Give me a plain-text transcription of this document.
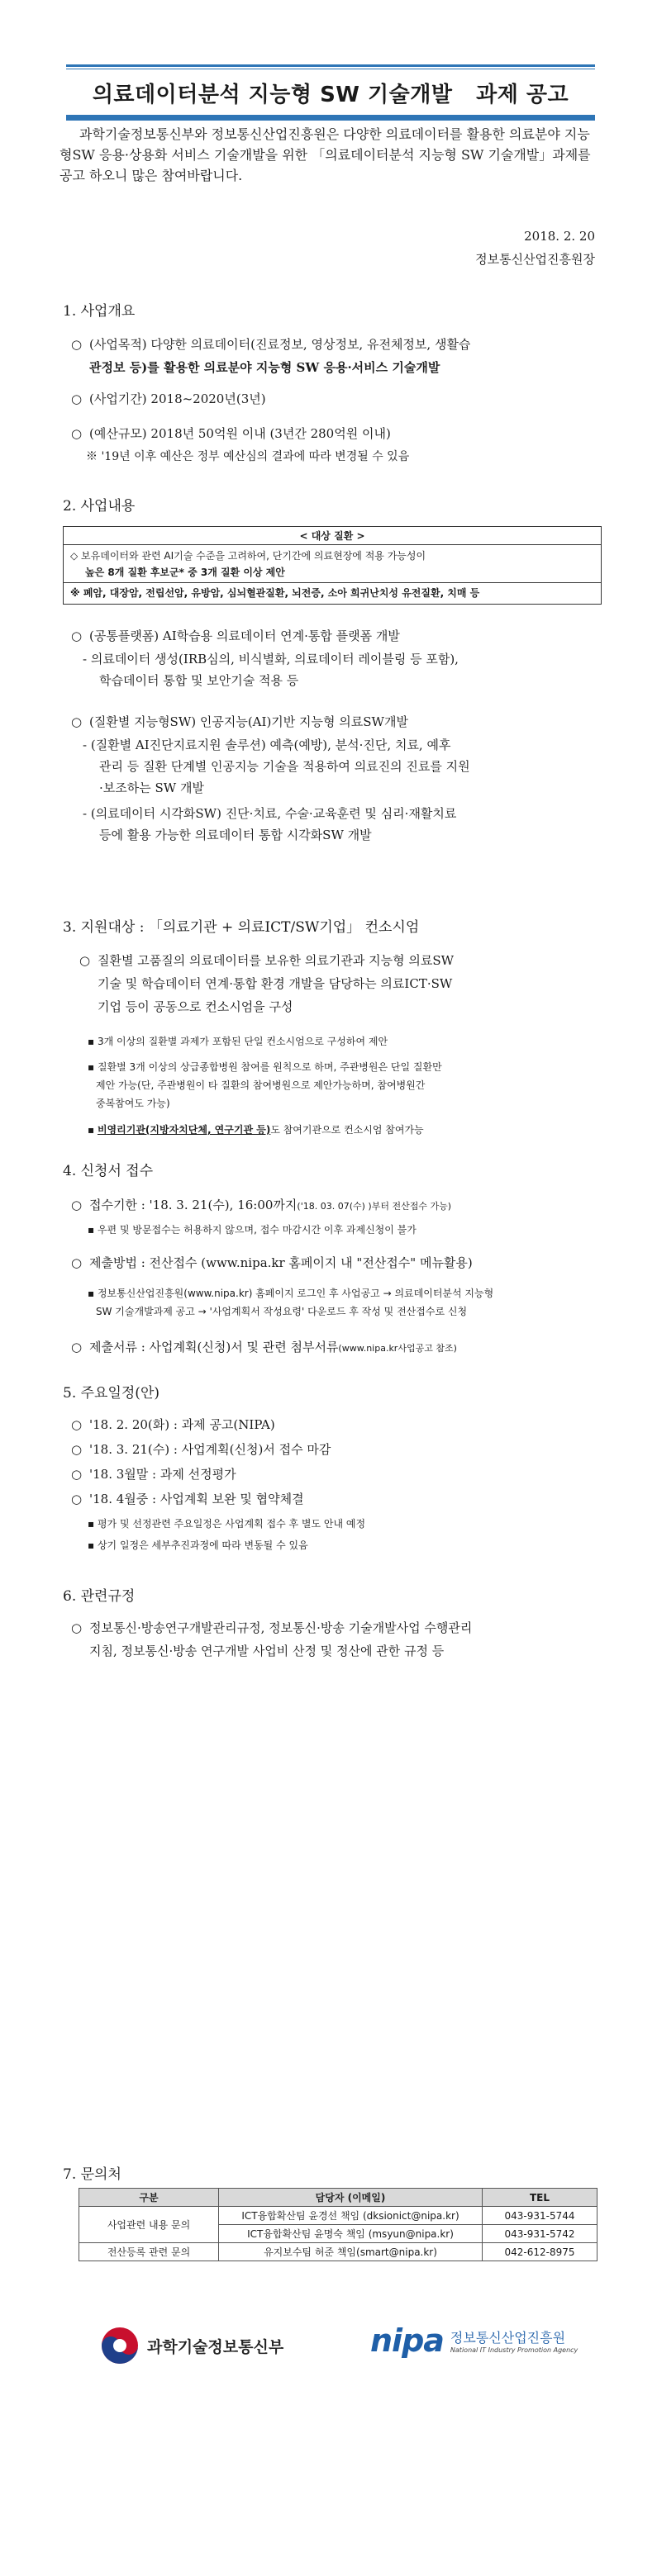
의료데이터분석 지능형 SW 기술개발   과제 공고
과학기술정보통신부와 정보통신산업진흥원은 다양한 의료데이터를 활용한 의료분야 지능형SW 응용·상용화 서비스 기술개발을 위한 「의료데이터분석 지능형 SW 기술개발」과제를 공고 하오니 많은 참여바랍니다.
2018. 2. 20
정보통신산업진흥원장
1. 사업개요
○ (사업목적) 다양한 의료데이터(진료정보, 영상정보, 유전체정보, 생활습
관정보 등)를 활용한 의료분야 지능형 SW 응용·서비스 기술개발
○ (사업기간) 2018~2020년(3년)
○ (예산규모) 2018년 50억원 이내 (3년간 280억원 이내)
※ '19년 이후 예산은 정부 예산심의 결과에 따라 변경될 수 있음
2. 사업내용
< 대상 질환 >
◇ 보유데이터와 관련 AI기술 수준을 고려하여, 단기간에 의료현장에 적용 가능성이
높은 8개 질환 후보군* 중 3개 질환 이상 제안
※ 폐암, 대장암, 전립선암, 유방암, 심뇌혈관질환, 뇌전증, 소아 희귀난치성 유전질환, 치매 등
○ (공통플랫폼) AI학습용 의료데이터 연계·통합 플랫폼 개발
- 의료데이터 생성(IRB심의, 비식별화, 의료데이터 레이블링 등 포함),
학습데이터 통합 및 보안기술 적용 등
○ (질환별 지능형SW) 인공지능(AI)기반 지능형 의료SW개발
- (질환별 AI진단지료지원 솔루션) 예측(예방), 분석·진단, 치료, 예후
관리 등 질환 단계별 인공지능 기술을 적용하여 의료진의 진료를 지원
·보조하는 SW 개발
- (의료데이터 시각화SW) 진단·치료, 수술·교육훈련 및 심리·재활치료
등에 활용 가능한 의료데이터 통합 시각화SW 개발
3. 지원대상 : 「의료기관 + 의료ICT/SW기업」 컨소시엄
○ 질환별 고품질의 의료데이터를 보유한 의료기관과 지능형 의료SW
기술 및 학습데이터 연계·통합 환경 개발을 담당하는 의료ICT·SW
기업 등이 공동으로 컨소시엄을 구성
▪ 3개 이상의 질환별 과제가 포함된 단일 컨소시엄으로 구성하여 제안
▪ 질환별 3개 이상의 상급종합병원 참여를 원칙으로 하며, 주관병원은 단일 질환만
제안 가능(단, 주관병원이 타 질환의 참여병원으로 제안가능하며, 참여병원간
중복참여도 가능)
▪ 비영리기관(지방자치단체, 연구기관 등)도 참여기관으로 컨소시엄 참여가능
4. 신청서 접수
○ 접수기한 : '18. 3. 21(수), 16:00까지('18. 03. 07(수) )부터 전산접수 가능)
▪ 우편 및 방문접수는 허용하지 않으며, 접수 마감시간 이후 과제신청이 불가
○ 제출방법 : 전산접수 (www.nipa.kr 홈페이지 내 "전산접수" 메뉴활용)
▪ 정보통신산업진흥원(www.nipa.kr) 홈페이지 로그인 후 사업공고 → 의료데이터분석 지능형
SW 기술개발과제 공고 → '사업계획서 작성요령' 다운로드 후 작성 및 전산접수로 신청
○ 제출서류 : 사업계획(신청)서 및 관련 첨부서류(www.nipa.kr사업공고 참조)
5. 주요일정(안)
○ '18. 2. 20(화) : 과제 공고(NIPA)
○ '18. 3. 21(수) : 사업계획(신청)서 접수 마감
○ '18. 3월말 : 과제 선정평가
○ '18. 4월중 : 사업계획 보완 및 협약체결
▪ 평가 및 선정관련 주요일정은 사업계획 접수 후 별도 안내 예정
▪ 상기 일정은 세부추진과정에 따라 변동될 수 있음
6. 관련규정
○ 정보통신·방송연구개발관리규정, 정보통신·방송 기술개발사업 수행관리
지침, 정보통신·방송 연구개발 사업비 산정 및 정산에 관한 규정 등
7. 문의처
구분	담당자 (이메일)	TEL
사업관련 내용 문의	ICT융합확산팀 윤경선 책임 (dksionict@nipa.kr)	043-931-5744
	ICT융합확산팀 윤명숙 책임 (msyun@nipa.kr)	043-931-5742
전산등록 관련 문의	유지보수팀 허준 책임(smart@nipa.kr)	042-612-8975
과학기술정보통신부	nipa 정보통신산업진흥원
National IT Industry Promotion Agency
